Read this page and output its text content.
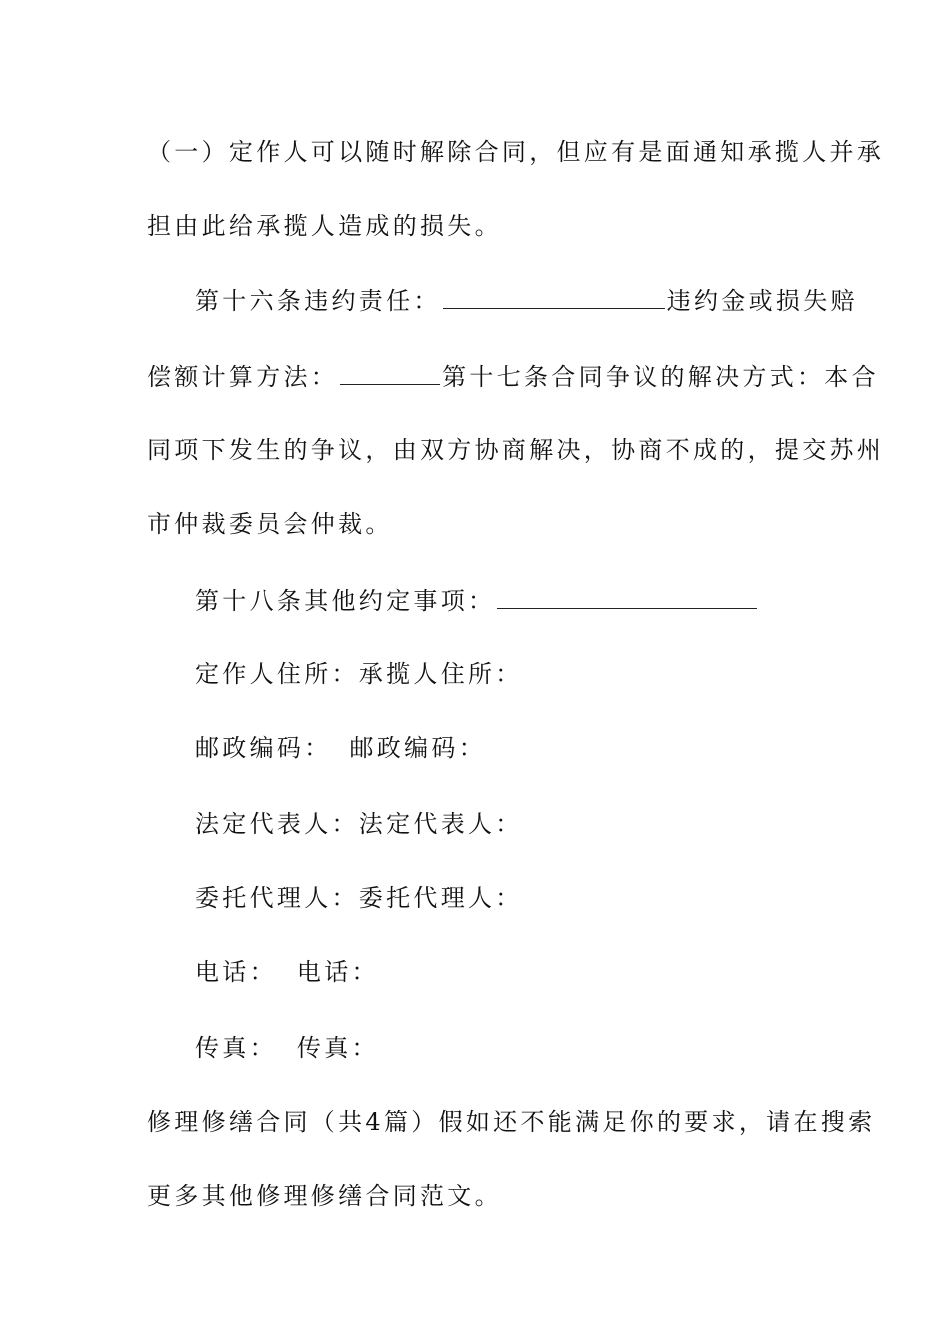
（一）定作人可以随时解除合同，但应有是面通知承揽人并承
担由此给承揽人造成的损失。
第十六条违约责任：	违约金或损失赔
偿额计算方法：	第十七条合同争议的解决方式：本合
同项下发生的争议，由双方协商解决，协商不成的，提交苏州
市仲裁委员会仲裁。
第十八条其他约定事项：
定作人住所：承揽人住所：
邮政编码： 邮政编码：
法定代表人：法定代表人：
委托代理人：委托代理人：
电话： 电话：
传真： 传真：
修理修缮合同（共4篇）假如还不能满足你的要求，请在搜索
更多其他修理修缮合同范文。
